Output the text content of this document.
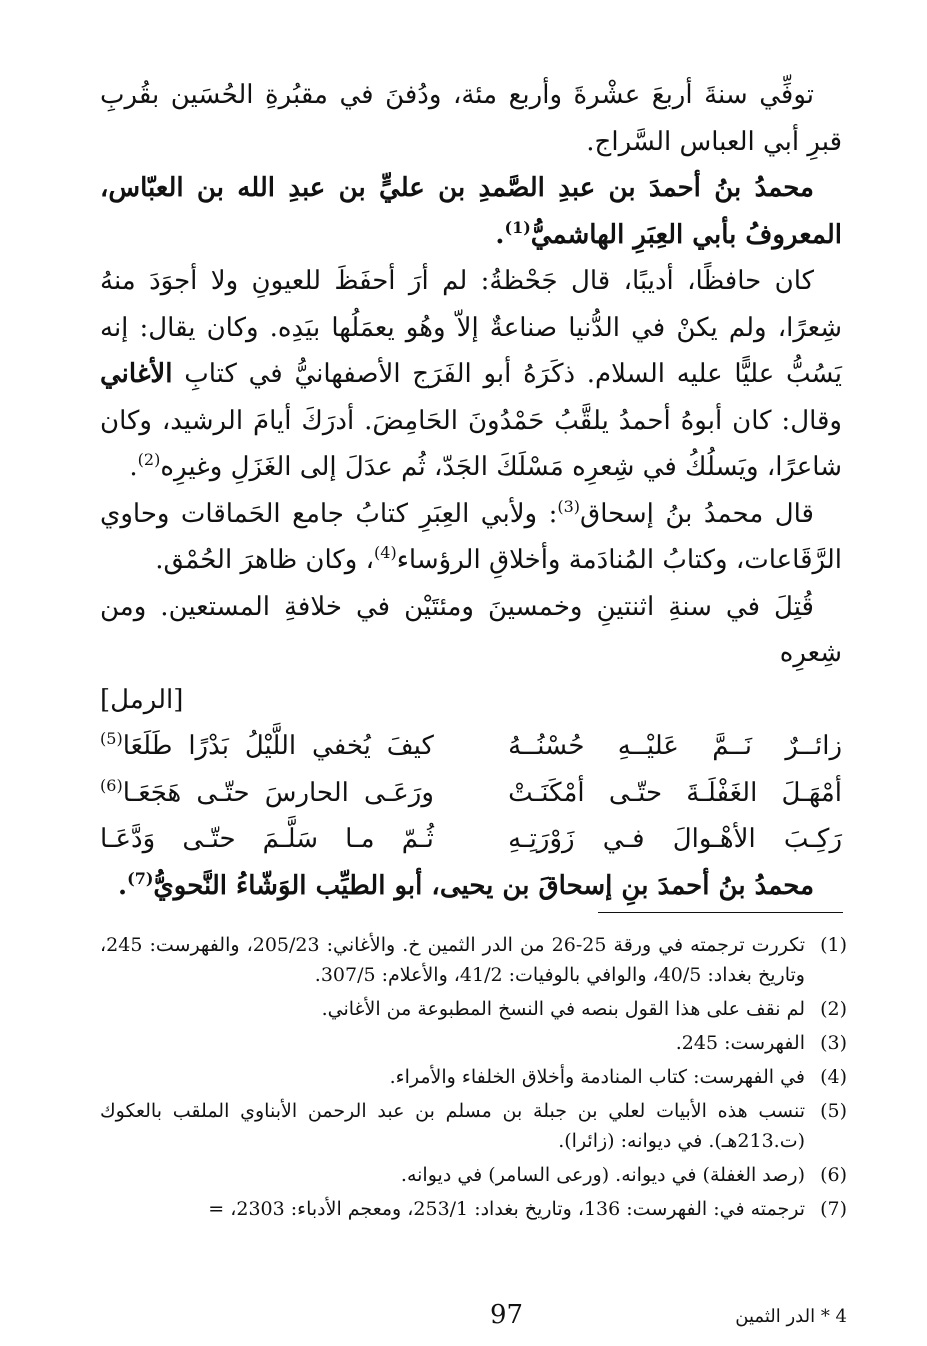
توفِّي سنةَ أربعَ عشْرةَ وأربع مئة، ودُفنَ في مقبُرةِ الحُسَين بقُربِ قبرِ أبي العباس السَّراج.

محمدُ بنُ أحمدَ بن عبدِ الصَّمدِ بن عليٍّ بن عبدِ الله بن العبّاس، المعروفُ بأبي العِبَرِ الهاشميُّ$^{(1)}$.

كان حافظًا، أديبًا، قال جَحْظةُ: لم أرَ أحفَظَ للعيونِ ولا أجوَدَ منهُ شِعرًا، ولم يكنْ في الدُّنيا صناعةٌ إلاّ وهُو يعمَلُها بيَدِه. وكان يقال: إنه يَسُبُّ عليًّا عليه السلام. ذكَرَهُ أبو الفَرَج الأصفهانيُّ في كتابِ الأغاني وقال: كان أبوهُ أحمدُ يلقَّبُ حَمْدُونَ الحَامِضَ. أدرَكَ أيامَ الرشيد، وكان شاعرًا، ويَسلُكُ في شِعرِه مَسْلَكَ الجَدّ، ثُم عدَلَ إلى الغَزَلِ وغيرِه$^{(2)}$.

قال محمدُ بنُ إسحاق$^{(3)}$: ولأبي العِبَرِ كتابُ جامع الحَماقات وحاوي الرَّقَاعات، وكتابُ المُنادَمة وأخلاقِ الرؤساء$^{(4)}$، وكان ظاهرَ الحُمْق.

قُتِلَ في سنةِ اثنتينِ وخمسينَ ومئتَيْن في خلافةِ المستعين. ومن شِعرِه

[الرمل]
زائــرٌ نَــمَّ عَليْــهِ حُسْنُــهُ
كيفَ يُخفي اللَّيْلُ بَدْرًا طَلَعَا$^{(5)}$
أمْهَـلَ الغَفْلَـةَ حتّـى أمْكَنَـتْ
ورَعَـى الحارسَ حتّـى هَجَعَـا$^{(6)}$
رَكِـبَ الأهْـوالَ فـي زَوْرَتِـهِ
ثُـمّ مـا سَلَّـمَ حتّـى وَدَّعَـا

محمدُ بنُ أحمدَ بنِ إسحاقَ بن يحيى، أبو الطيِّب الوَشّاءُ النَّحويُّ$^{(7)}$.

(1)
تكررت ترجمته في ورقة 25-26 من الدر الثمين خ. والأغاني: 205/23، والفهرست: 245، وتاريخ بغداد: 40/5، والوافي بالوفيات: 41/2، والأعلام: 307/5.
(2)
لم نقف على هذا القول بنصه في النسخ المطبوعة من الأغاني.
(3)
الفهرست: 245.
(4)
في الفهرست: كتاب المنادمة وأخلاق الخلفاء والأمراء.
(5)
تنسب هذه الأبيات لعلي بن جبلة بن مسلم بن عبد الرحمن الأبناوي الملقب بالعكوك (ت.213هـ). في ديوانه: (زائرا).
(6)
(رصد الغفلة) في ديوانه. (ورعى السامر) في ديوانه.
(7)
ترجمته في: الفهرست: 136، وتاريخ بغداد: 253/1، ومعجم الأدباء: 2303، =
4 * الدر الثمين
97
